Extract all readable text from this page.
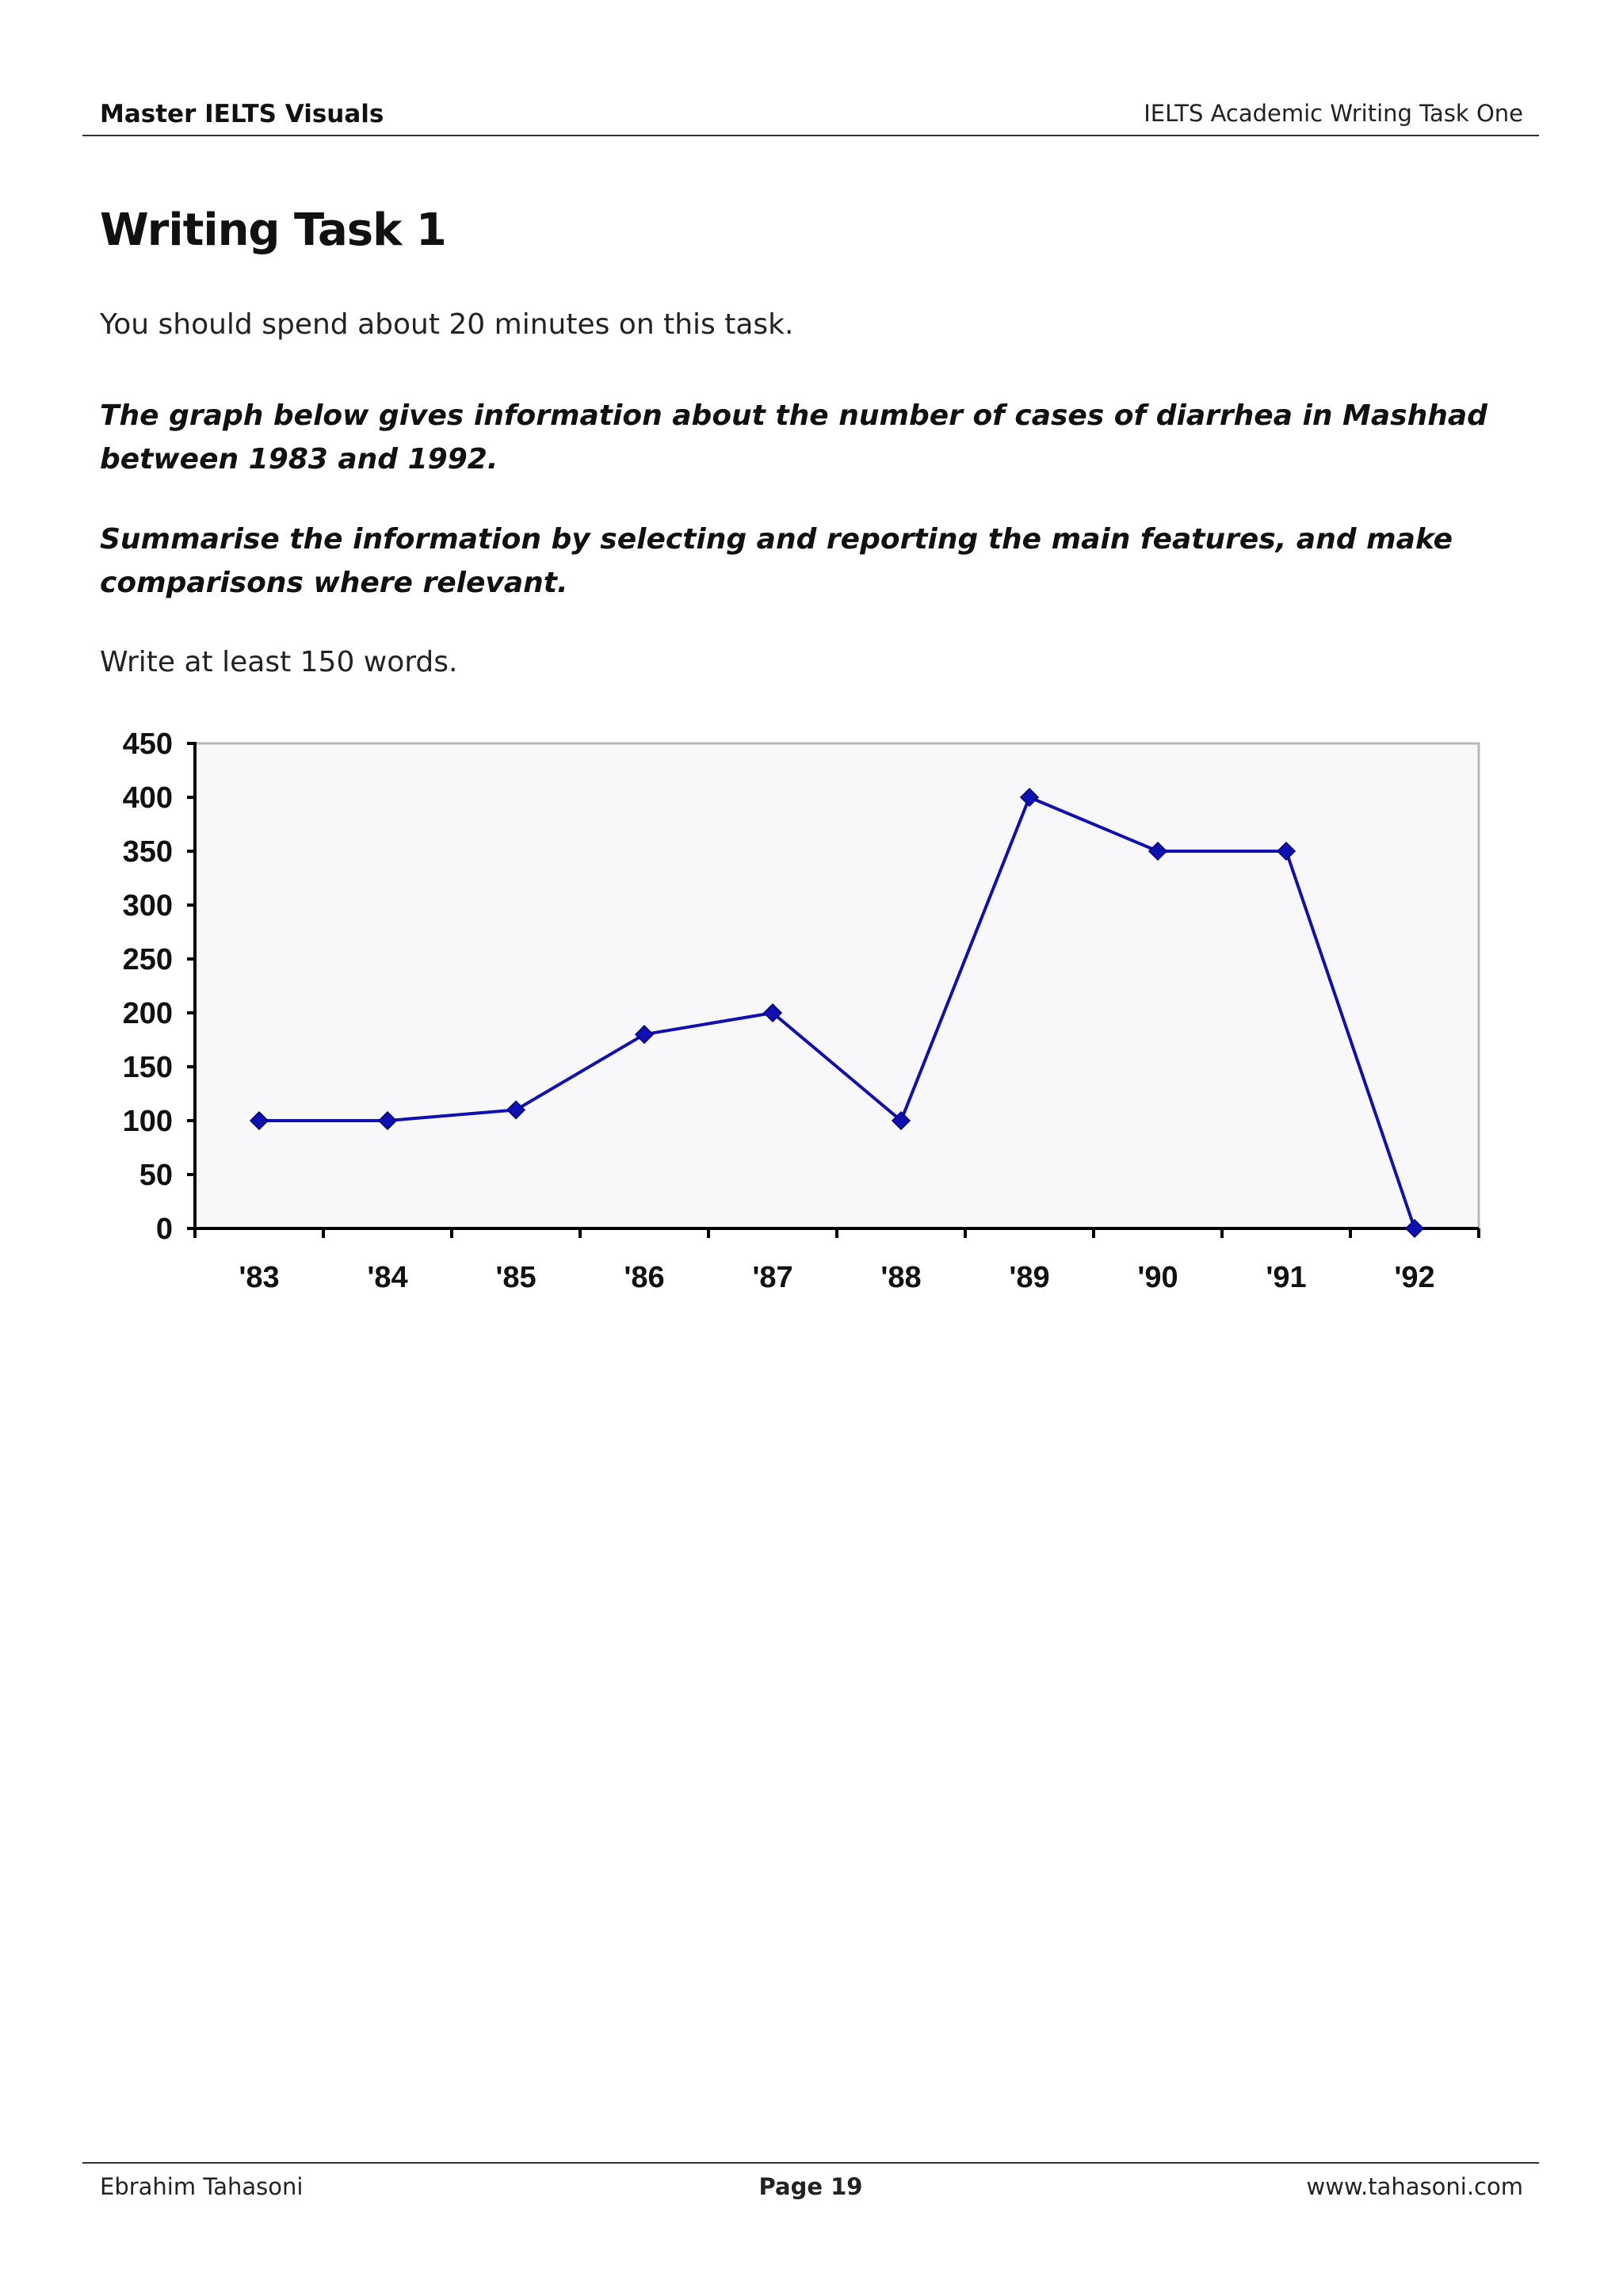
Master IELTS Visuals	IELTS Academic Writing Task One
Writing Task 1

You should spend about 20 minutes on this task.

The graph below gives information about the number of cases of diarrhea in Mashhad between 1983 and 1992.

Summarise the information by selecting and reporting the main features, and make comparisons where relevant.

Write at least 150 words.

0
50
100
150
200
250
300
350
400
450
'83	'84	'85	'86	'87	'88	'89	'90	'91	'92
Ebrahim Tahasoni	Page 19	www.tahasoni.com
